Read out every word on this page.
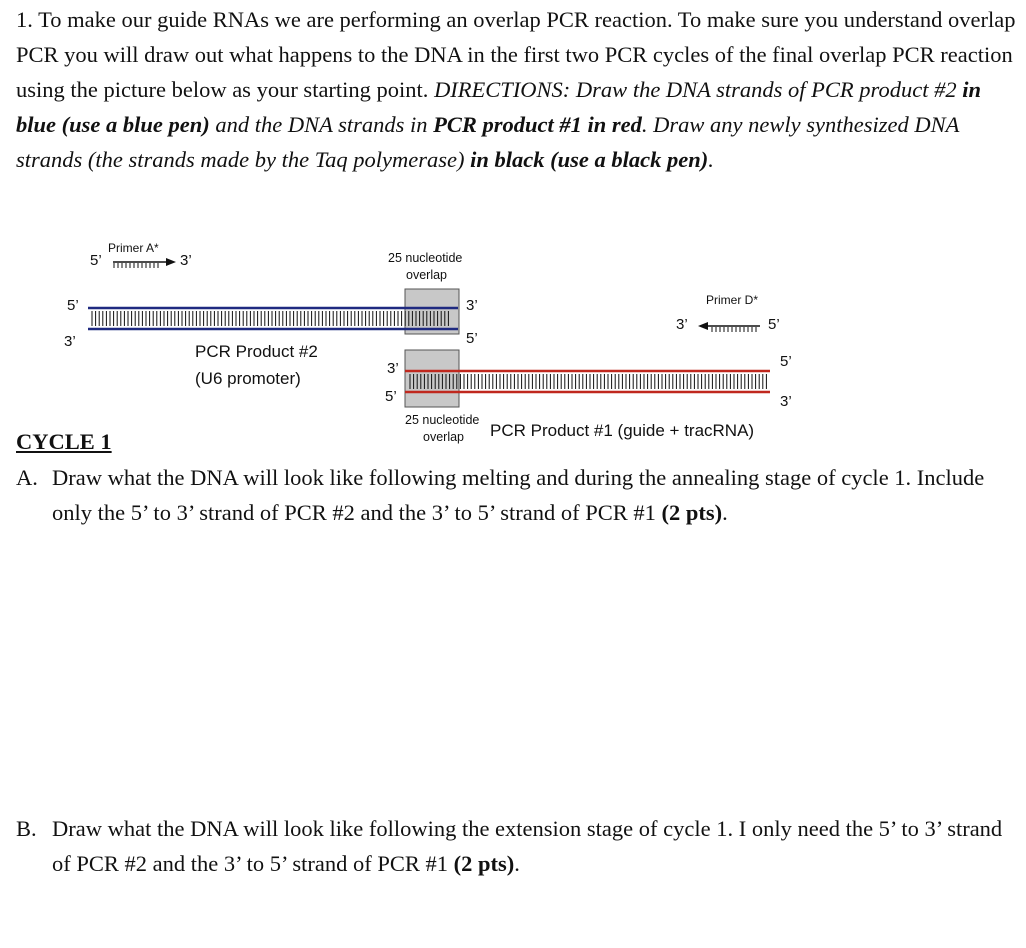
1. To make our guide RNAs we are performing an overlap PCR reaction. To make sure you understand overlap PCR you will draw out what happens to the DNA in the first two PCR cycles of the final overlap PCR reaction using the picture below as your starting point. DIRECTIONS: Draw the DNA strands of PCR product #2 in blue (use a blue pen) and the DNA strands in PCR product #1 in red. Draw any newly synthesized DNA strands (the strands made by the Taq polymerase) in black (use a black pen).

5’
Primer A*
3’	25 nucleotide
overlap
5’
3’
3’
5’
PCR Product #2
(U6 promoter)
Primer D*
3’	5’
3’
5’
5’
3’
PCR Product #1 (guide + tracRNA)
25 nucleotide
overlap
CYCLE 1
A. Draw what the DNA will look like following melting and during the annealing stage of cycle 1. Include only the 5’ to 3’ strand of PCR #2 and the 3’ to 5’ strand of PCR #1 (2 pts).
B. Draw what the DNA will look like following the extension stage of cycle 1. I only need the 5’ to 3’ strand of PCR #2 and the 3’ to 5’ strand of PCR #1 (2 pts).
